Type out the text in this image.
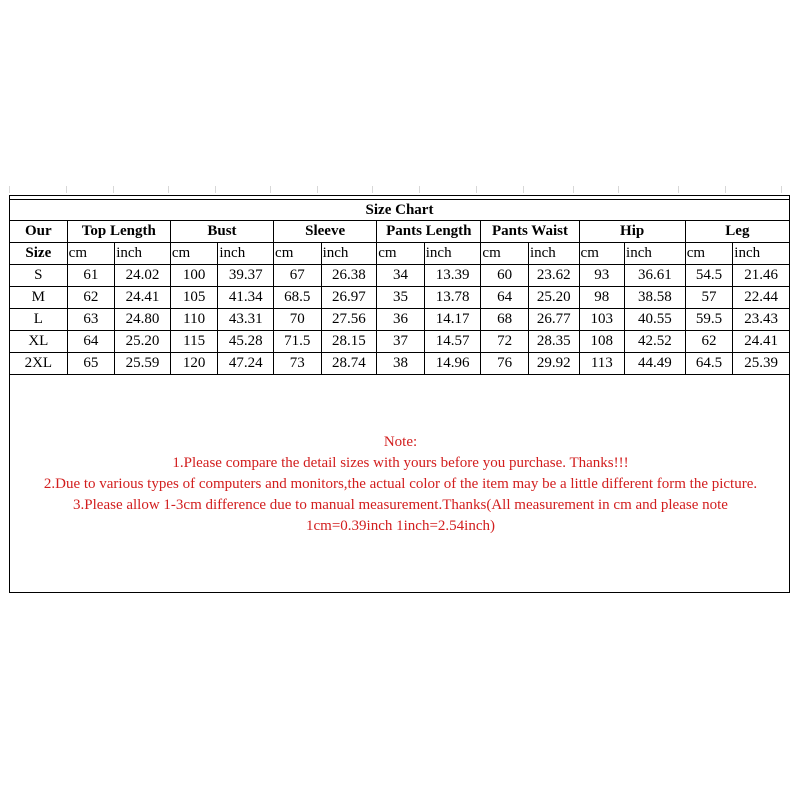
Size Chart														
Our	Top Length		Bust		Sleeve		Pants Length		Pants Waist		Hip		Leg	
Size	cm	inch	cm	inch	cm	inch	cm	inch	cm	inch	cm	inch	cm	inch
S	61	24.02	100	39.37	67	26.38	34	13.39	60	23.62	93	36.61	54.5	21.46
M	62	24.41	105	41.34	68.5	26.97	35	13.78	64	25.20	98	38.58	57	22.44
L	63	24.80	110	43.31	70	27.56	36	14.17	68	26.77	103	40.55	59.5	23.43
XL	64	25.20	115	45.28	71.5	28.15	37	14.57	72	28.35	108	42.52	62	24.41
2XL	65	25.59	120	47.24	73	28.74	38	14.96	76	29.92	113	44.49	64.5	25.39
Note:
1.Please compare the detail sizes with yours before you purchase. Thanks!!!
2.Due to various types of computers and monitors,the actual color of the item may be a little different form the picture.
3.Please allow 1-3cm difference due to manual measurement.Thanks(All measurement in cm and please note
1cm=0.39inch 1inch=2.54inch)
